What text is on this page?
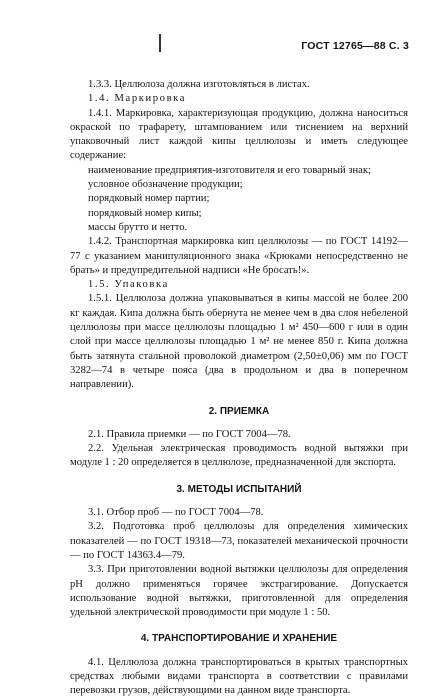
ГОСТ 12765—88 С. 3

1.3.3. Целлюлоза должна изготовляться в листах.

1.4. Маркировка

1.4.1. Маркировка, характеризующая продукцию, должна наноситься окраской по трафарету, штампованием или тиснением на верхний упаковочный лист каждой кипы целлюлозы и иметь следующее содержание:

наименование предприятия-изготовителя и его товарный знак;

условное обозначение продукции;

порядковый номер партии;

порядковый номер кипы;

массы брутто и нетто.

1.4.2. Транспортная маркировка кип целлюлозы — по ГОСТ 14192—77 с указанием манипуляционного знака «Крюками непосредственно не брать» и предупредительной надписи «Не бросать!».

1.5. Упаковка

1.5.1. Целлюлоза должна упаковываться в кипы массой не более 200 кг каждая. Кипа должна быть обернута не менее чем в два слоя небеленой целлюлозы при массе целлюлозы площадью 1 м² 450—600 г или в один слой при массе целлюлозы площадью 1 м² не менее 850 г. Кипа должна быть затянута стальной проволокой диаметром (2,50±0,06) мм по ГОСТ 3282—74 в четыре пояса (два в продольном и два в поперечном направлении).

2. ПРИЕМКА

2.1. Правила приемки — по ГОСТ 7004—78.

2.2. Удельная электрическая проводимость водной вытяжки при модуле 1 : 20 определяется в целлюлозе, предназначенной для экспорта.

3. МЕТОДЫ ИСПЫТАНИЙ

3.1. Отбор проб — по ГОСТ 7004—78.

3.2. Подготовка проб целлюлозы для определения химических показателей — по ГОСТ 19318—73, показателей механической прочности — по ГОСТ 14363.4—79.

3.3. При приготовлении водной вытяжки целлюлозы для определения pH должно применяться горячее экстрагирование. Допускается использование водной вытяжки, приготовленной для определения удельной электрической проводимости при модуле 1 : 50.

4. ТРАНСПОРТИРОВАНИЕ И ХРАНЕНИЕ

4.1. Целлюлоза должна транспортироваться в крытых транспортных средствах любыми видами транспорта в соответствии с правилами перевозки грузов, действующими на данном виде транспорта.
